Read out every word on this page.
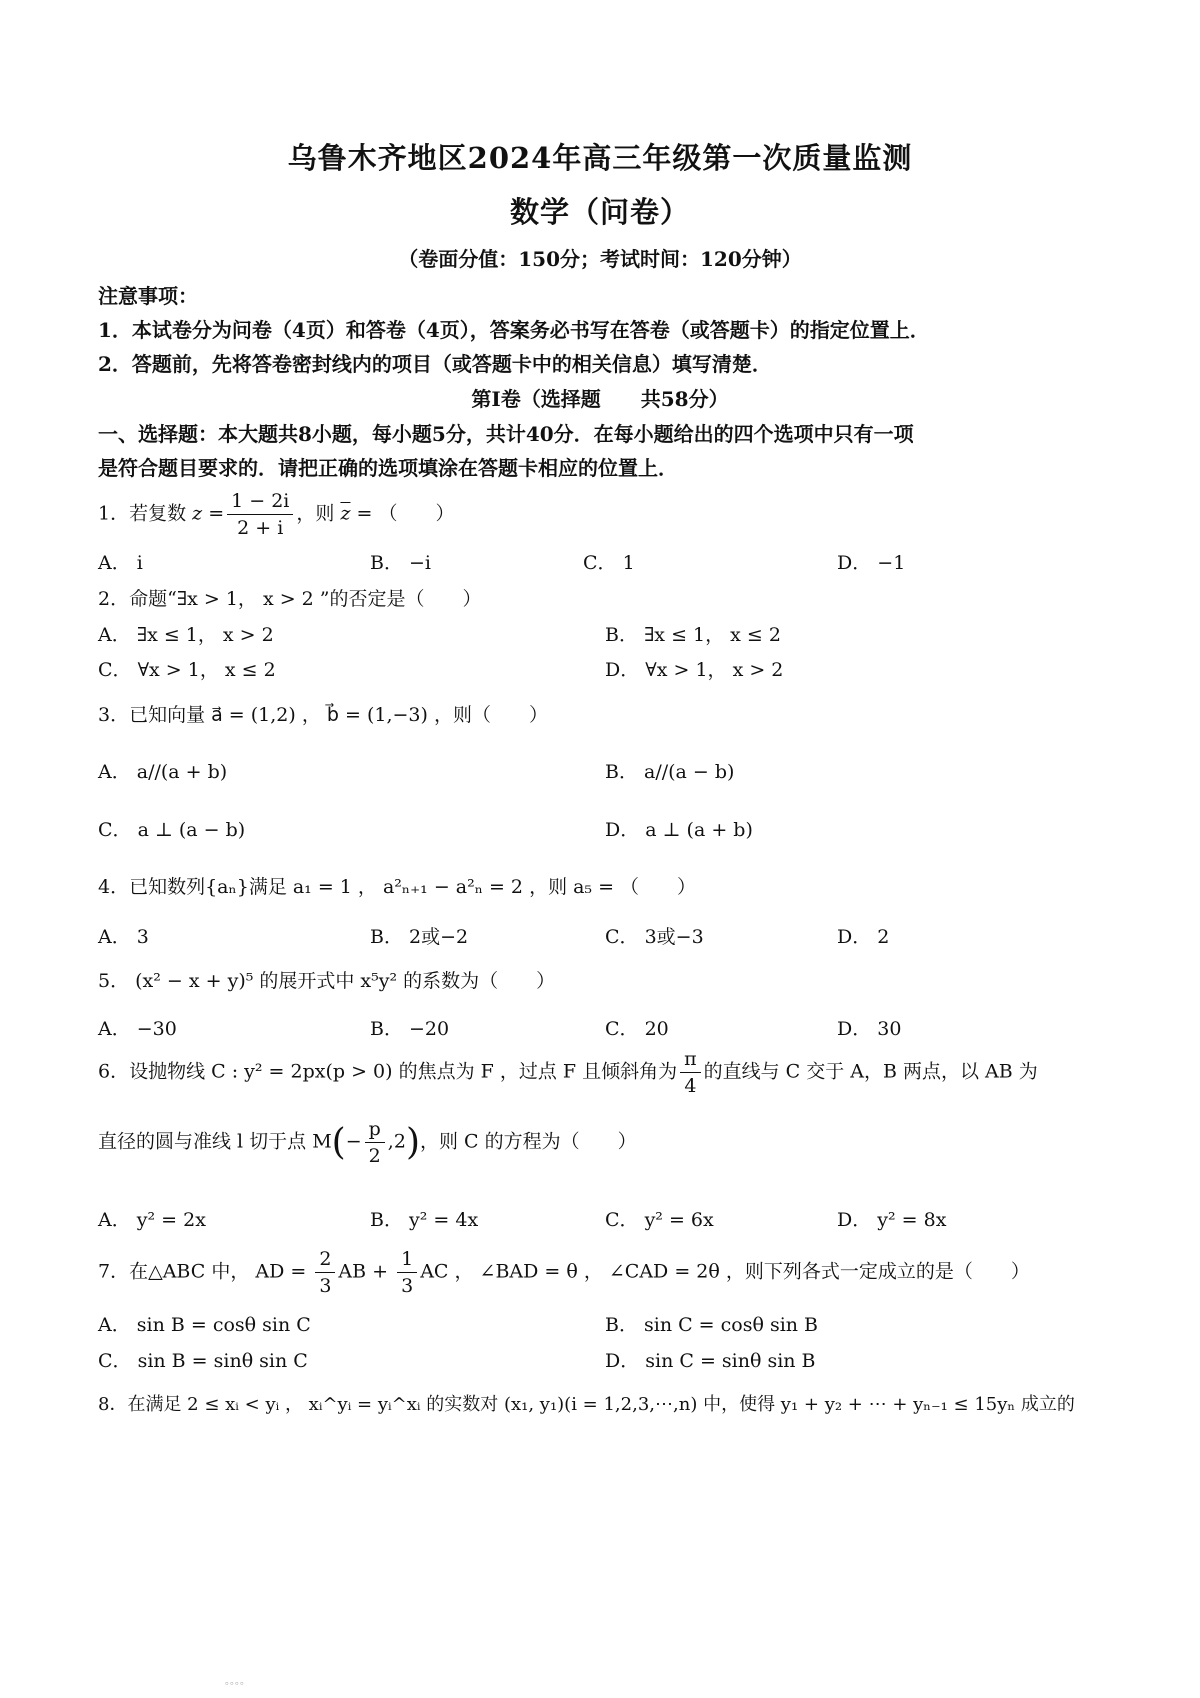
乌鲁木齐地区2024年高三年级第一次质量监测
数学（问卷）
（卷面分值：150分；考试时间：120分钟）
注意事项：
1．本试卷分为问卷（4页）和答卷（4页），答案务必书写在答卷（或答题卡）的指定位置上．
2．答题前，先将答卷密封线内的项目（或答题卡中的相关信息）填写清楚．
第Ⅰ卷（选择题　　共58分）
一、选择题：本大题共8小题，每小题5分，共计40分．在每小题给出的四个选项中只有一项
是符合题目要求的．请把正确的选项填涂在答题卡相应的位置上．
1．若复数 $z = \frac{1 - 2i}{2 + i}$ ，则 $\overline{z}$ = （　　）
A． i	B． −i	C． 1	D． −1
2．命题“∃x > 1， x > 2 ”的否定是（　　）
A． ∃x ≤ 1， x > 2	B． ∃x ≤ 1， x ≤ 2
C． ∀x > 1， x ≤ 2	D． ∀x > 1， x > 2
3．已知向量 a⃗ = (1,2) ， b⃗ = (1,−3) ，则（　　）
A． a//(a + b)	B． a//(a − b)
C． a ⊥ (a − b)	D． a ⊥ (a + b)
4．已知数列{aₙ}满足 a₁ = 1 ， a²ₙ₊₁ − a²ₙ = 2 ，则 a₅ = （　　）
A． 3	B． 2或−2	C． 3或−3	D． 2
5． (x² − x + y)⁵ 的展开式中 x⁵y² 的系数为（　　）
A． −30	B． −20	C． 20	D． 30
6．设抛物线 C : y² = 2px(p > 0) 的焦点为 F ，过点 F 且倾斜角为 $\frac{\pi}{4}$ 的直线与 C 交于 A，B 两点，以 AB 为
直径的圆与准线 l 切于点 $M(- \frac{p}{2} ,2)$，则 C 的方程为（　　）
A． y² = 2x	B． y² = 4x	C． y² = 6x	D． y² = 8x
7．在△ABC 中， AD = $\frac{2}{3}$ AB + $\frac{1}{3}$ AC ， ∠BAD = θ ， ∠CAD = 2θ ，则下列各式一定成立的是（　　）
A． sin B = cosθ sin C	B． sin C = cosθ sin B
C． sin B = sinθ sin C	D． sin C = sinθ sin B
8．在满足 2 ≤ xᵢ < yᵢ ， xᵢ^yᵢ = yᵢ^xᵢ 的实数对 (x₁, y₁)(i = 1,2,3,⋯,n) 中，使得 y₁ + y₂ + ⋯ + yₙ₋₁ ≤ 15yₙ 成立的
。。。。
